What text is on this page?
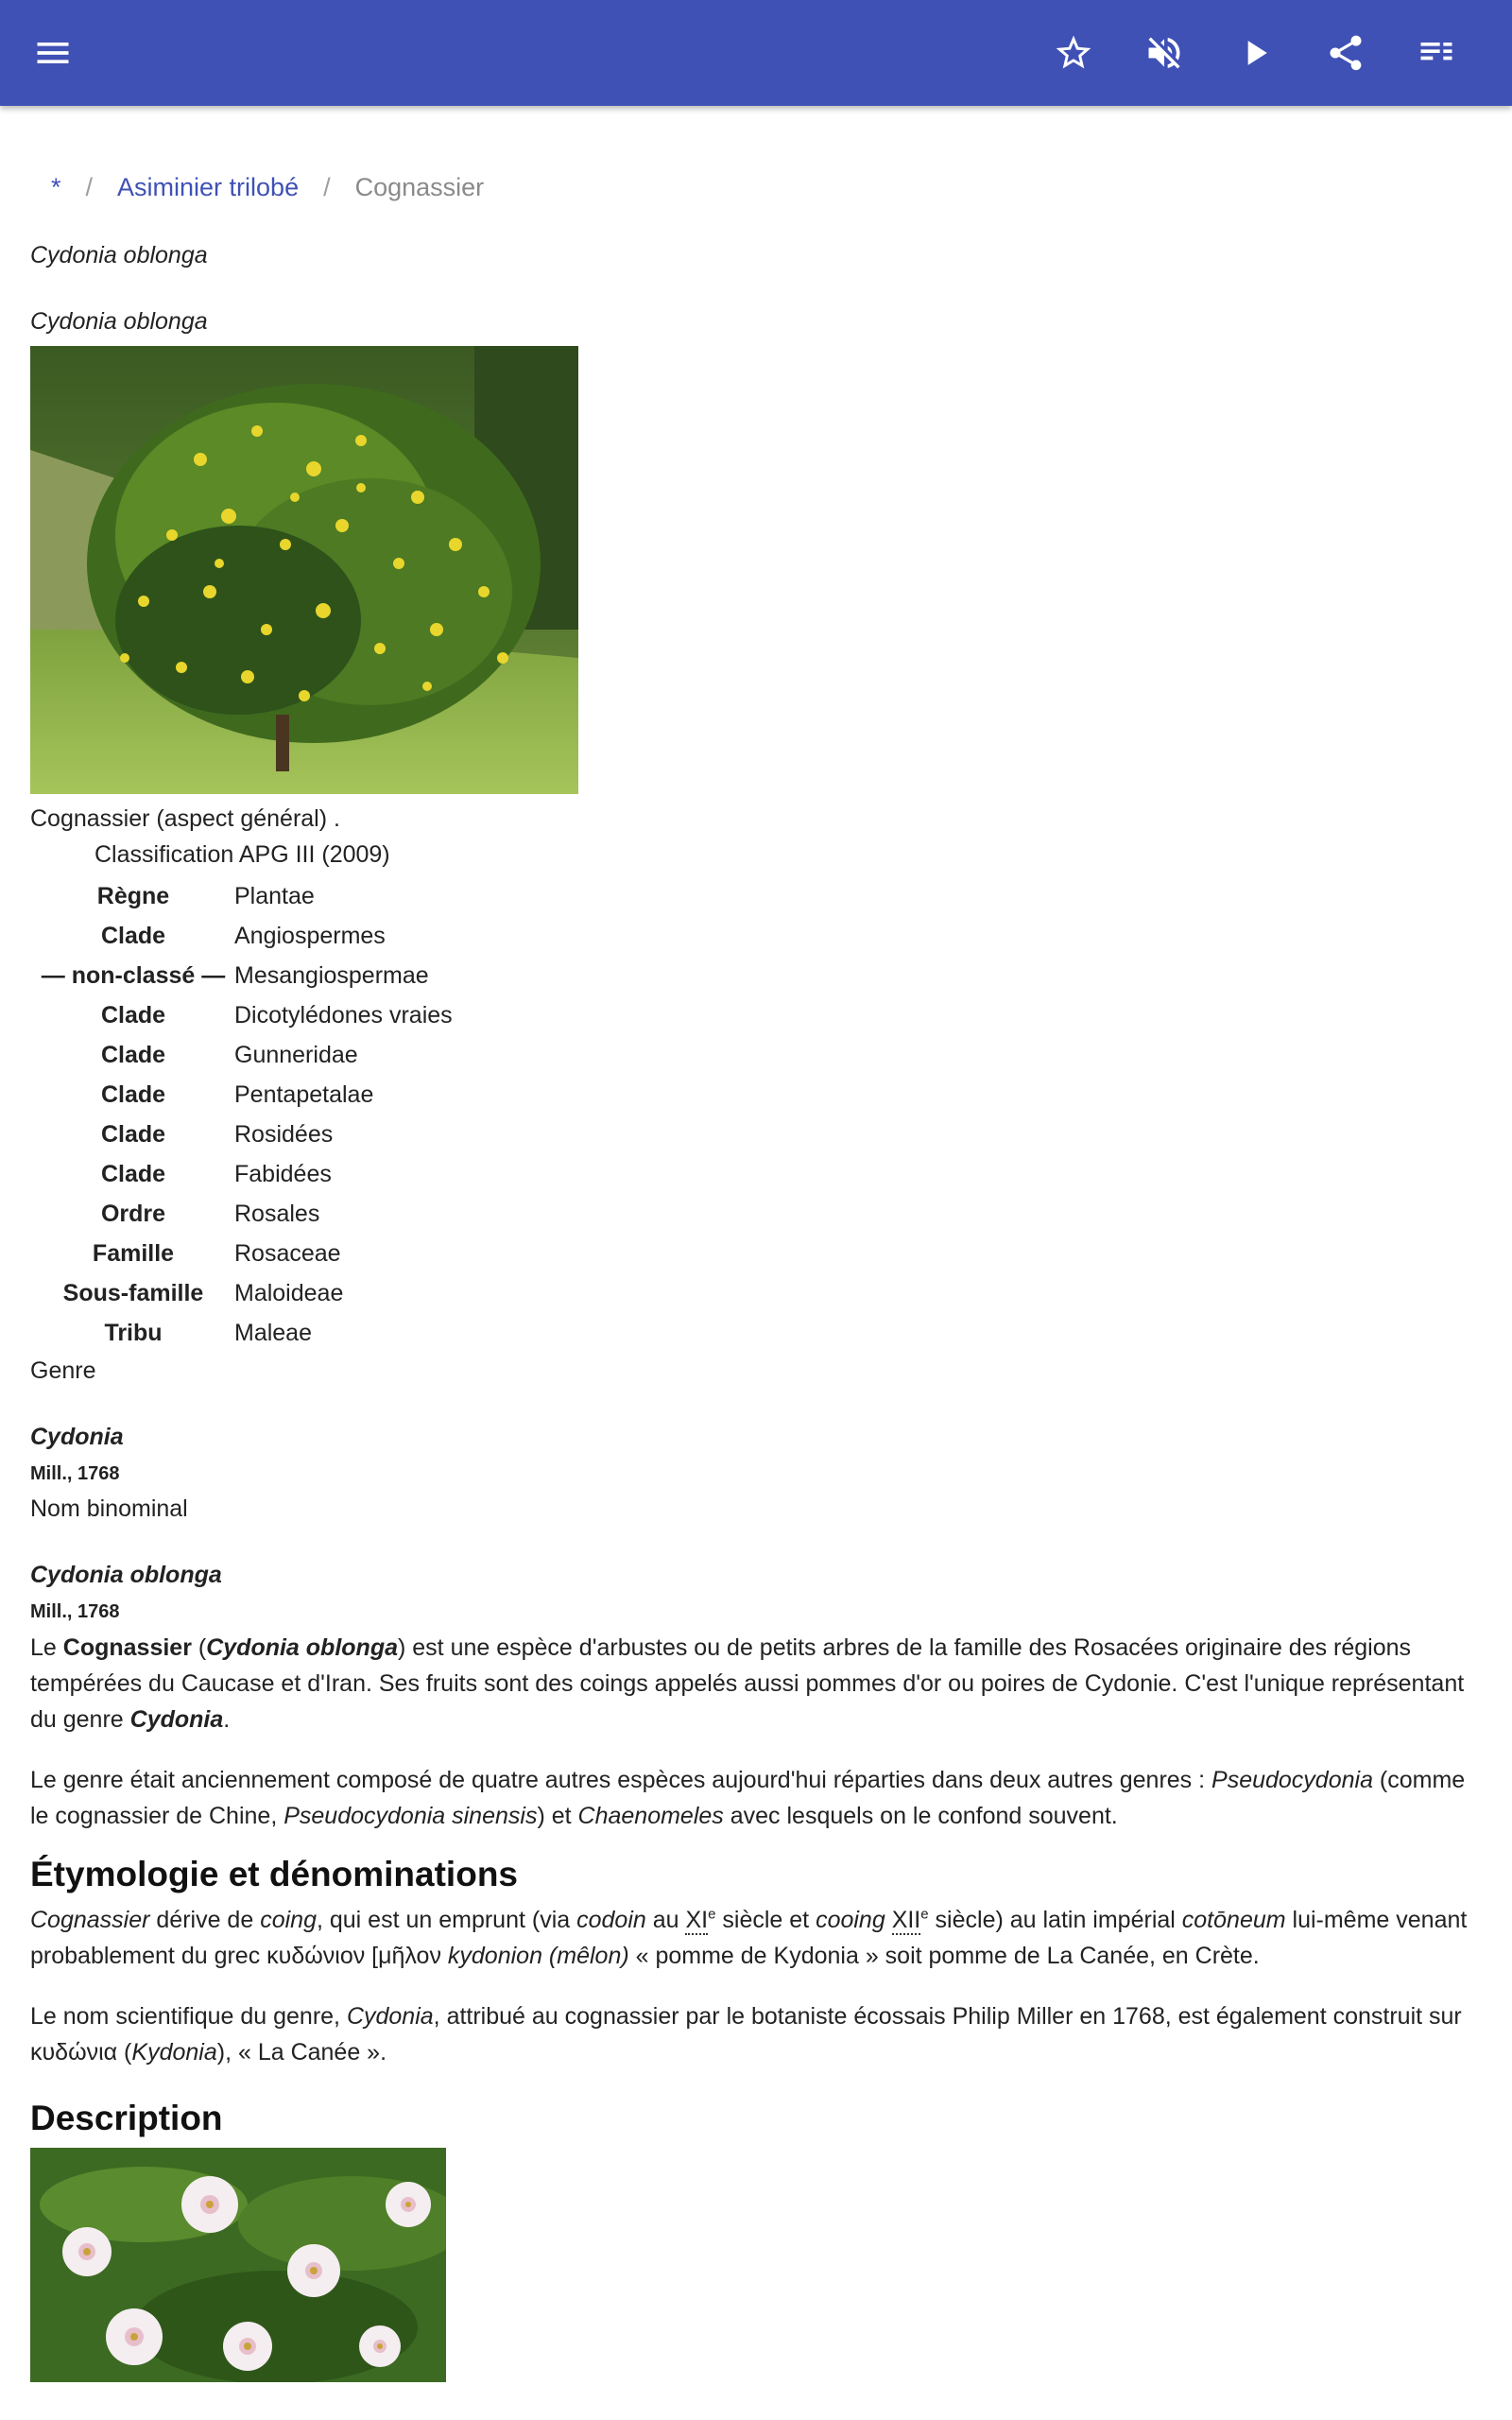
* / Asiminier trilobé / Cognassier
Cydonia oblonga
Cydonia oblonga
Cognassier (aspect général) .
Classification APG III (2009)
Règne	Plantae
Clade	Angiospermes
— non-classé — Mesangiospermae
Clade	Dicotylédones vraies
Clade	Gunneridae
Clade	Pentapetalae
Clade	Rosidées
Clade	Fabidées
Ordre	Rosales
Famille	Rosaceae
Sous-famille	Maloideae
Tribu	Maleae
Genre
Cydonia
Mill., 1768
Nom binominal
Cydonia oblonga
Mill., 1768

Le Cognassier (Cydonia oblonga) est une espèce d'arbustes ou de petits arbres de la famille des Rosacées originaire des régions tempérées du Caucase et d'Iran. Ses fruits sont des coings appelés aussi pommes d'or ou poires de Cydonie. C'est l'unique représentant du genre Cydonia.

Le genre était anciennement composé de quatre autres espèces aujourd'hui réparties dans deux autres genres : Pseudocydonia (comme le cognassier de Chine, Pseudocydonia sinensis) et Chaenomeles avec lesquels on le confond souvent.

Étymologie et dénominations

Cognassier dérive de coing, qui est un emprunt (via codoin au XIe siècle et cooing XIIe siècle) au latin impérial cotōneum lui-même venant probablement du grec κυδώνιον [μῆλον kydonion (mêlon) « pomme de Kydonia » soit pomme de La Canée, en Crète.

Le nom scientifique du genre, Cydonia, attribué au cognassier par le botaniste écossais Philip Miller en 1768, est également construit sur κυδώνια (Kydonia), « La Canée ».

Description
